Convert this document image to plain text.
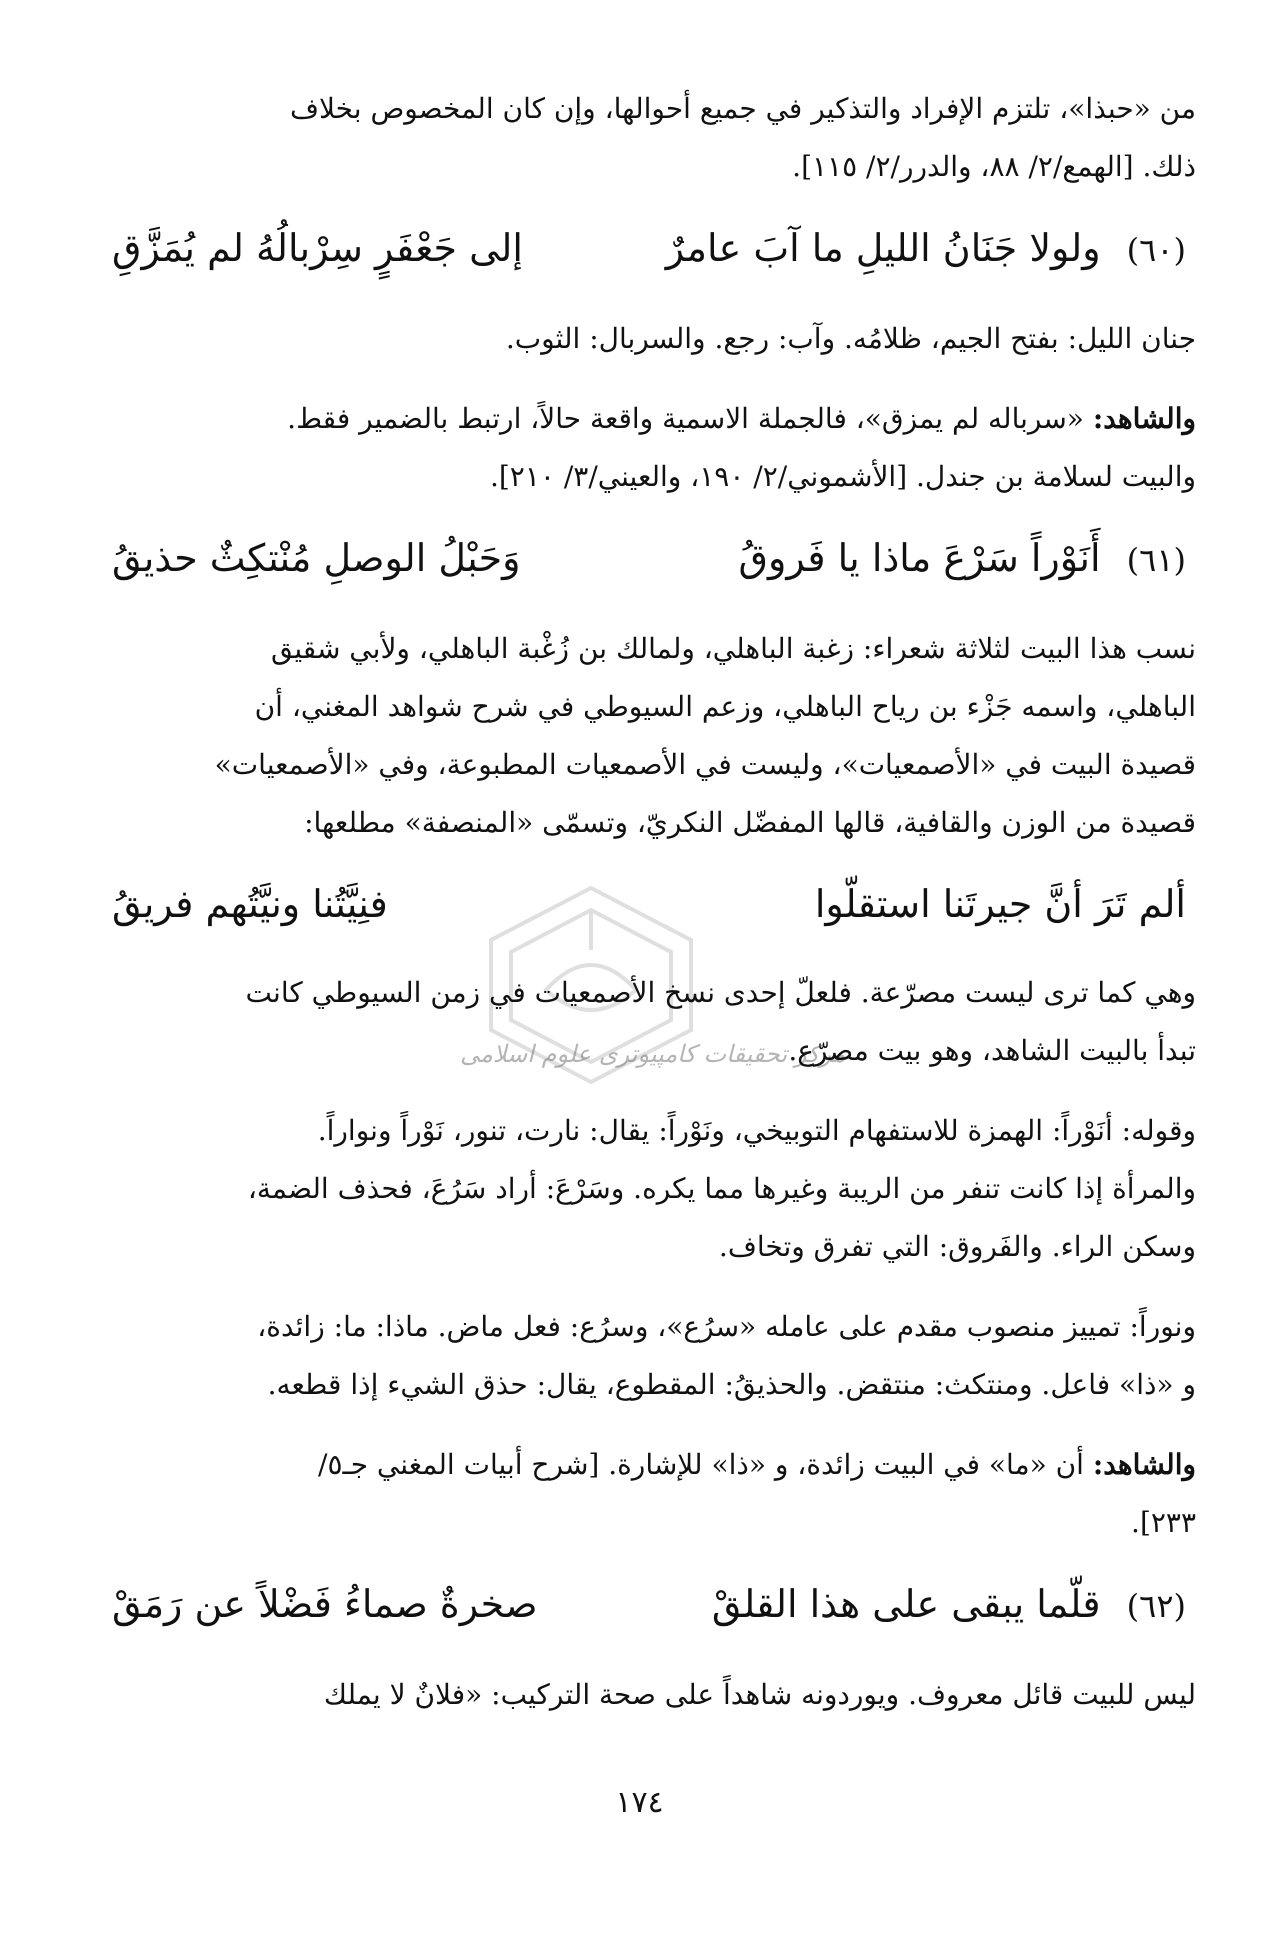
مركز تحقيقات كامپيوتری علوم اسلامی
من «حبذا»، تلتزم الإفراد والتذكير في جميع أحوالها، وإن كان المخصوص بخلاف
ذلك. [الهمع/٢/ ٨٨، والدرر/٢/ ١١٥].
(٦٠) ولولا جَنَانُ الليلِ ما آبَ عامرٌ
إلى جَعْفَرٍ سِرْبالُهُ لم يُمَزَّقِ
جنان الليل: بفتح الجيم، ظلامُه. وآب: رجع. والسربال: الثوب.
والشاهد: «سرباله لم يمزق»، فالجملة الاسمية واقعة حالاً، ارتبط بالضمير فقط.
والبيت لسلامة بن جندل. [الأشموني/٢/ ١٩٠، والعيني/٣/ ٢١٠].
(٦١) أَنَوْراً سَرْعَ ماذا يا فَروقُ
وَحَبْلُ الوصلِ مُنْتكِثٌ حذيقُ
نسب هذا البيت لثلاثة شعراء: زغبة الباهلي، ولمالك بن زُغْبة الباهلي، ولأبي شقيق
الباهلي، واسمه جَزْء بن رياح الباهلي، وزعم السيوطي في شرح شواهد المغني، أن
قصيدة البيت في «الأصمعيات»، وليست في الأصمعيات المطبوعة، وفي «الأصمعيات»
قصيدة من الوزن والقافية، قالها المفضّل النكريّ، وتسمّى «المنصفة» مطلعها:
ألم تَرَ أنَّ جيرتَنا استقلّوا
فنِيَّتُنا ونيَّتُهم فريقُ
وهي كما ترى ليست مصرّعة. فلعلّ إحدى نسخ الأصمعيات في زمن السيوطي كانت
تبدأ بالبيت الشاهد، وهو بيت مصرّع.
وقوله: أنَوْراً: الهمزة للاستفهام التوبيخي، ونَوْراً: يقال: نارت، تنور، نَوْراً ونواراً.
والمرأة إذا كانت تنفر من الريبة وغيرها مما يكره. وسَرْعَ: أراد سَرُعَ، فحذف الضمة،
وسكن الراء. والفَروق: التي تفرق وتخاف.
ونوراً: تمييز منصوب مقدم على عامله «سرُع»، وسرُع: فعل ماض. ماذا: ما: زائدة،
و «ذا» فاعل. ومنتكث: منتقض. والحذيقُ: المقطوع، يقال: حذق الشيء إذا قطعه.
والشاهد: أن «ما» في البيت زائدة، و «ذا» للإشارة. [شرح أبيات المغني جـ٥/
٢٣٣].
(٦٢) قلّما يبقى على هذا القلقْ
صخرةٌ صماءُ فَضْلاً عن رَمَقْ
ليس للبيت قائل معروف. ويوردونه شاهداً على صحة التركيب: «فلانٌ لا يملك
١٧٤
